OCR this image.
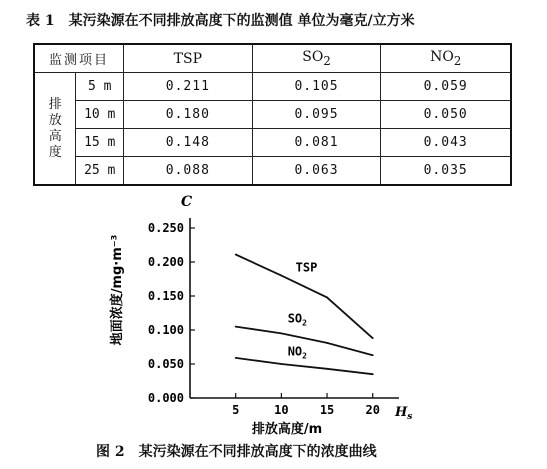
表 1　某污染源在不同排放高度下的监测值 单位为毫克/立方米
监测项目		TSP	$SO_2$	$NO_2$

排
放
高
度	5 m	0.211	0.105	0.059
	10 m	0.180	0.095	0.050
	15 m	0.148	0.081	0.043
	25 m	0.088	0.063	0.035
0.000
0.050
0.100
0.150
0.200
0.250
5	10	15	20
TSP
$SO_2$
$NO_2$
地面浓度/mg·m⁻³
C
排放高度/m
$H_s$
图 2　某污染源在不同排放高度下的浓度曲线
